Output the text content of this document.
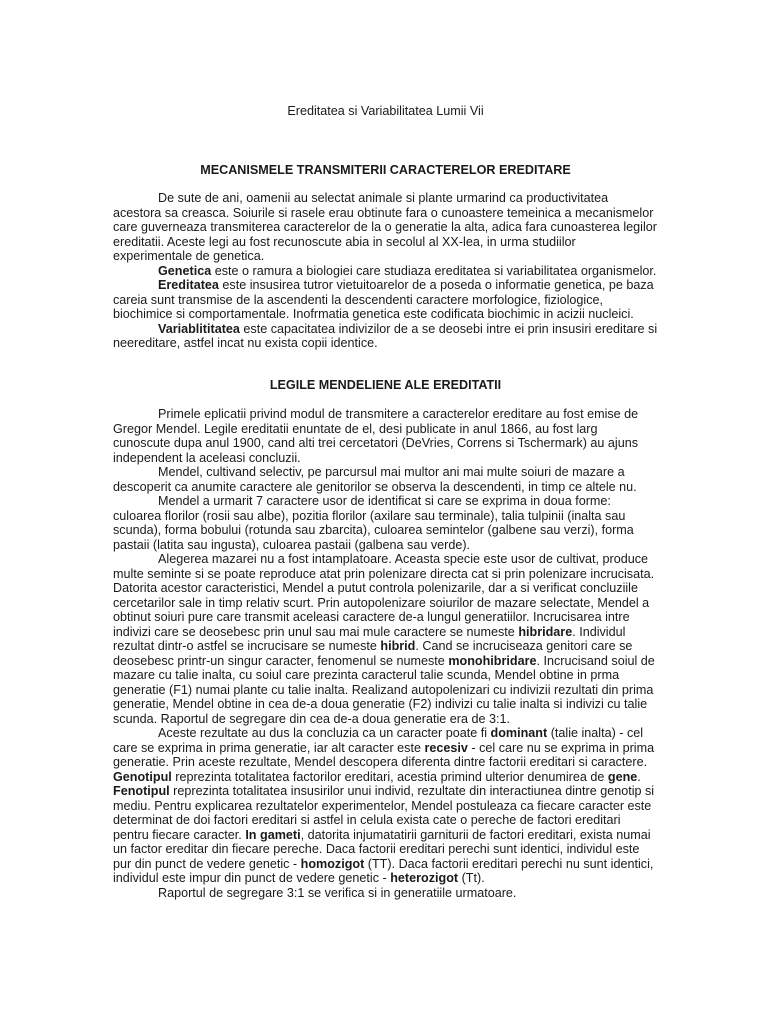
Ereditatea si Variabilitatea Lumii Vii
MECANISMELE TRANSMITERII CARACTERELOR EREDITARE

De sute de ani, oamenii au selectat animale si plante urmarind ca productivitatea acestora sa creasca. Soiurile si rasele erau obtinute fara o cunoastere temeinica a mecanismelor care guverneaza transmiterea caracterelor de la o generatie la alta, adica fara cunoasterea legilor ereditatii. Aceste legi au fost recunoscute abia in secolul al XX-lea, in urma studiilor experimentale de genetica.

Genetica este o ramura a biologiei care studiaza ereditatea si variabilitatea organismelor.

Ereditatea este insusirea tutror vietuitoarelor de a poseda o informatie genetica, pe baza careia sunt transmise de la ascendenti la descendenti caractere morfologice, fiziologice, biochimice si comportamentale. Inofrmatia genetica este codificata biochimic in acizii nucleici.

Variablititatea este capacitatea indivizilor de a se deosebi intre ei prin insusiri ereditare si neereditare, astfel incat nu exista copii identice.

LEGILE MENDELIENE ALE EREDITATII

Primele eplicatii privind modul de transmitere a caracterelor ereditare au fost emise de Gregor Mendel. Legile ereditatii enuntate de el, desi publicate in anul 1866, au fost larg cunoscute dupa anul 1900, cand alti trei cercetatori (DeVries, Correns si Tschermark) au ajuns independent la aceleasi concluzii.

Mendel, cultivand selectiv, pe parcursul mai multor ani mai multe soiuri de mazare a descoperit ca anumite caractere ale genitorilor se observa la descendenti, in timp ce altele nu.

Mendel a urmarit 7 caractere usor de identificat si care se exprima in doua forme: culoarea florilor (rosii sau albe), pozitia florilor (axilare sau terminale), talia tulpinii (inalta sau scunda), forma bobului (rotunda sau zbarcita), culoarea semintelor (galbene sau verzi), forma pastaii (latita sau ingusta), culoarea pastaii (galbena sau verde).

Alegerea mazarei nu a fost intamplatoare. Aceasta specie este usor de cultivat, produce multe seminte si se poate reproduce atat prin polenizare directa cat si prin polenizare incrucisata. Datorita acestor caracteristici, Mendel a putut controla polenizarile, dar a si verificat concluziile cercetarilor sale in timp relativ scurt. Prin autopolenizare soiurilor de mazare selectate, Mendel a obtinut soiuri pure care transmit aceleasi caractere de-a lungul generatiilor. Incrucisarea intre indivizi care se deosebesc prin unul sau mai mule caractere se numeste hibridare. Individul rezultat dintr-o astfel se incrucisare se numeste hibrid. Cand se incruciseaza genitori care se deosebesc printr-un singur caracter, fenomenul se numeste monohibridare. Incrucisand soiul de mazare cu talie inalta, cu soiul care prezinta caracterul talie scunda, Mendel obtine in prma generatie (F1) numai plante cu talie inalta. Realizand autopolenizari cu indivizii rezultati din prima generatie, Mendel obtine in cea de-a doua generatie (F2) indivizi cu talie inalta si indivizi cu talie scunda. Raportul de segregare din cea de-a doua generatie era de 3:1.

Aceste rezultate au dus la concluzia ca un caracter poate fi dominant (talie inalta) - cel care se exprima in prima generatie, iar alt caracter este recesiv - cel care nu se exprima in prima generatie. Prin aceste rezultate, Mendel descopera diferenta dintre factorii ereditari si caractere. Genotipul reprezinta totalitatea factorilor ereditari, acestia primind ulterior denumirea de gene. Fenotipul reprezinta totalitatea insusirilor unui individ, rezultate din interactiunea dintre genotip si mediu. Pentru explicarea rezultatelor experimentelor, Mendel postuleaza ca fiecare caracter este determinat de doi factori ereditari si astfel in celula exista cate o pereche de factori ereditari pentru fiecare caracter. In gameti, datorita injumatatirii garniturii de factori ereditari, exista numai un factor ereditar din fiecare pereche. Daca factorii ereditari perechi sunt identici, individul este pur din punct de vedere genetic - homozigot (TT). Daca factorii ereditari perechi nu sunt identici, individul este impur din punct de vedere genetic - heterozigot (Tt).

Raportul de segregare 3:1 se verifica si in generatiile urmatoare.
